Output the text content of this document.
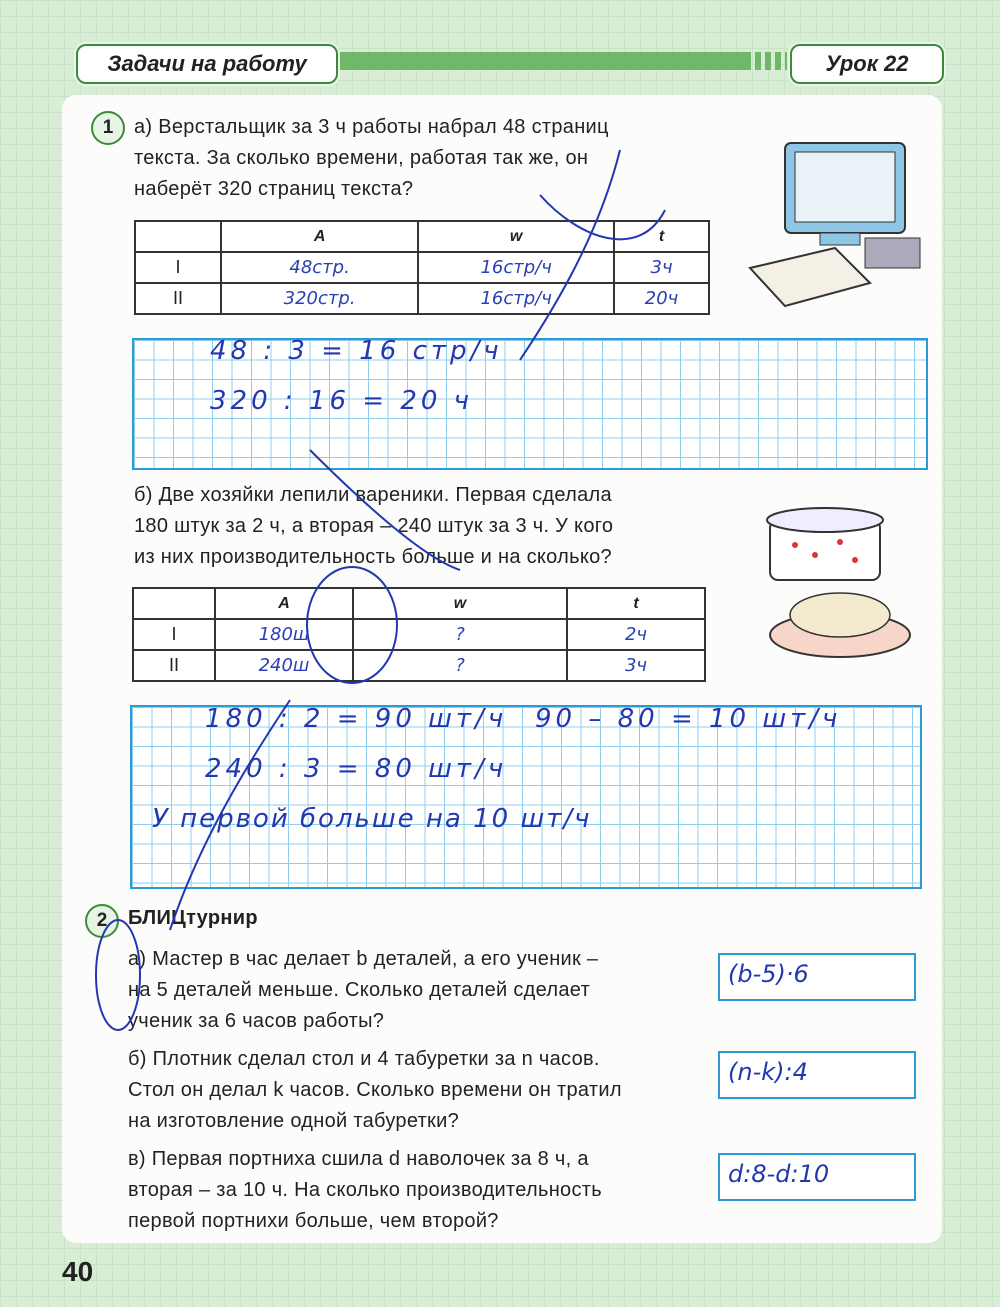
Задачи на работу	Урок 22
1	а) Верстальщик за 3 ч работы набрал 48 страниц
текста. За сколько времени, работая так же, он
наберёт 320 страниц текста?
	A	w	t
I	48стр.	16стр/ч	3ч
II	320стр.	16стр/ч	20ч
48 : 3 = 16 стр/ч
320 : 16 = 20 ч
б) Две хозяйки лепили вареники. Первая сделала
180 штук за 2 ч, а вторая – 240 штук за 3 ч. У кого
из них производительность больше и на сколько?
	A	w	t
I	180ш	?	2ч
II	240ш	?	3ч
180 : 2 = 90 шт/ч 90 – 80 = 10 шт/ч
240 : 3 = 80 шт/ч
У первой больше на 10 шт/ч
2	БЛИЦтурнир
а) Мастер в час делает b деталей, а его ученик –
на 5 деталей меньше. Сколько деталей сделает
ученик за 6 часов работы?
(b-5)·6
б) Плотник сделал стол и 4 табуретки за n часов.
Стол он делал k часов. Сколько времени он тратил
на изготовление одной табуретки?
(n-k):4
в) Первая портниха сшила d наволочек за 8 ч, а
вторая – за 10 ч. На сколько производительность
первой портнихи больше, чем второй?
d:8-d:10
40
